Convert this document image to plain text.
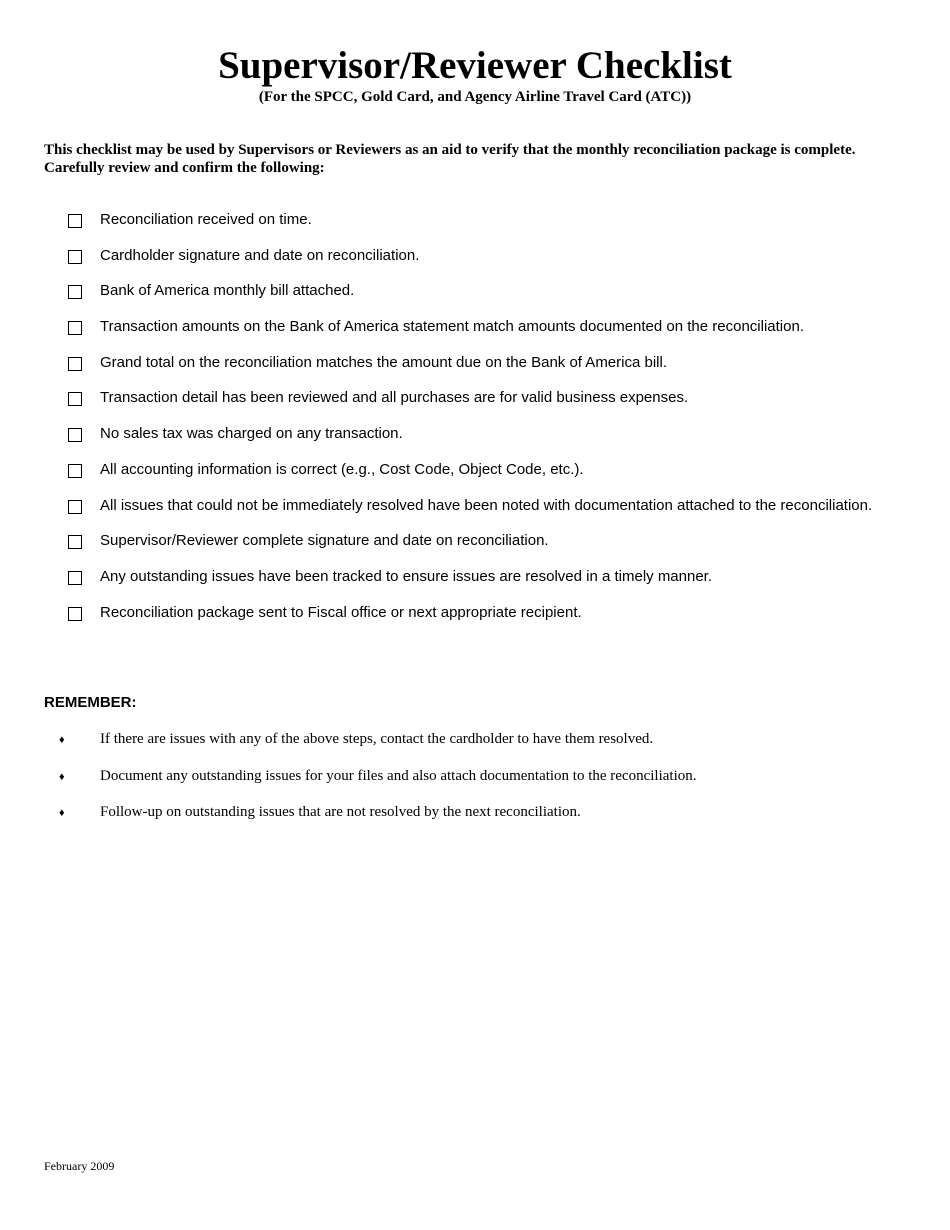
Supervisor/Reviewer Checklist
(For the SPCC, Gold Card, and Agency Airline Travel Card (ATC))
This checklist may be used by Supervisors or Reviewers as an aid to verify that the monthly reconciliation package is complete.
Carefully review and confirm the following:
Reconciliation received on time.
Cardholder signature and date on reconciliation.
Bank of America monthly bill attached.
Transaction amounts on the Bank of America statement match amounts documented on the reconciliation.
Grand total on the reconciliation matches the amount due on the Bank of America bill.
Transaction detail has been reviewed and all purchases are for valid business expenses.
No sales tax was charged on any transaction.
All accounting information is correct (e.g., Cost Code, Object Code, etc.).
All issues that could not be immediately resolved have been noted with documentation attached to the reconciliation.
Supervisor/Reviewer complete signature and date on reconciliation.
Any outstanding issues have been tracked to ensure issues are resolved in a timely manner.
Reconciliation package sent to Fiscal office or next appropriate recipient.
REMEMBER:
♦ If there are issues with any of the above steps, contact the cardholder to have them resolved.
♦ Document any outstanding issues for your files and also attach documentation to the reconciliation.
♦ Follow-up on outstanding issues that are not resolved by the next reconciliation.
February 2009
